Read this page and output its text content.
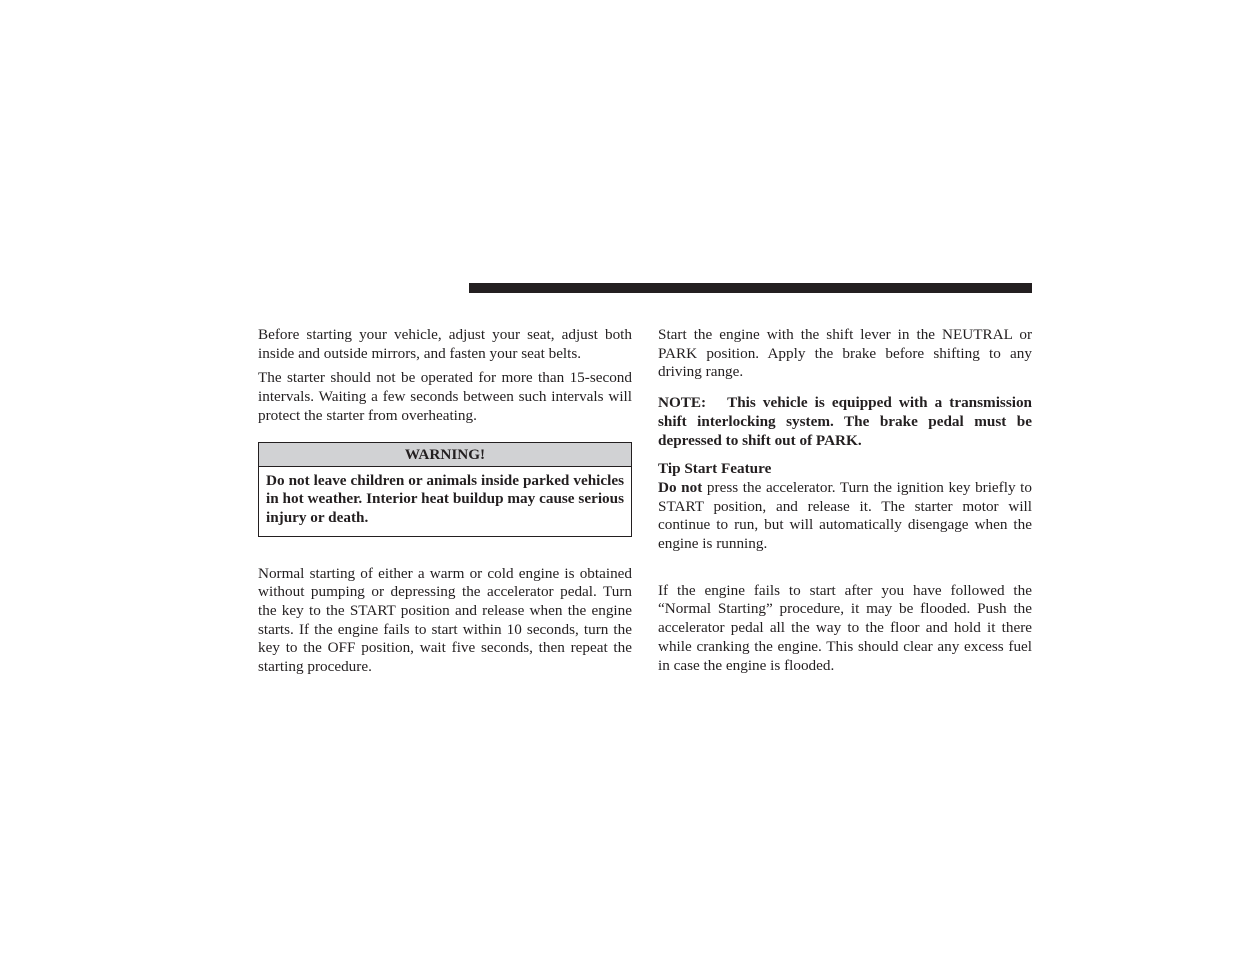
Before starting your vehicle, adjust your seat, adjust both inside and outside mirrors, and fasten your seat belts.

The starter should not be operated for more than 15-second intervals. Waiting a few seconds between such intervals will protect the starter from overheating.

WARNING!
Do not leave children or animals inside parked vehicles in hot weather. Interior heat buildup may cause serious injury or death.

Normal starting of either a warm or cold engine is obtained without pumping or depressing the accelerator pedal. Turn the key to the START position and release when the engine starts. If the engine fails to start within 10 seconds, turn the key to the OFF position, wait five seconds, then repeat the starting procedure.

Start the engine with the shift lever in the NEUTRAL or PARK position. Apply the brake before shifting to any driving range.

NOTE: This vehicle is equipped with a transmission shift interlocking system. The brake pedal must be depressed to shift out of PARK.

Tip Start Feature

Do not press the accelerator. Turn the ignition key briefly to START position, and release it. The starter motor will continue to run, but will automatically disengage when the engine is running.

If the engine fails to start after you have followed the “Normal Starting” procedure, it may be flooded. Push the accelerator pedal all the way to the floor and hold it there while cranking the engine. This should clear any excess fuel in case the engine is flooded.
